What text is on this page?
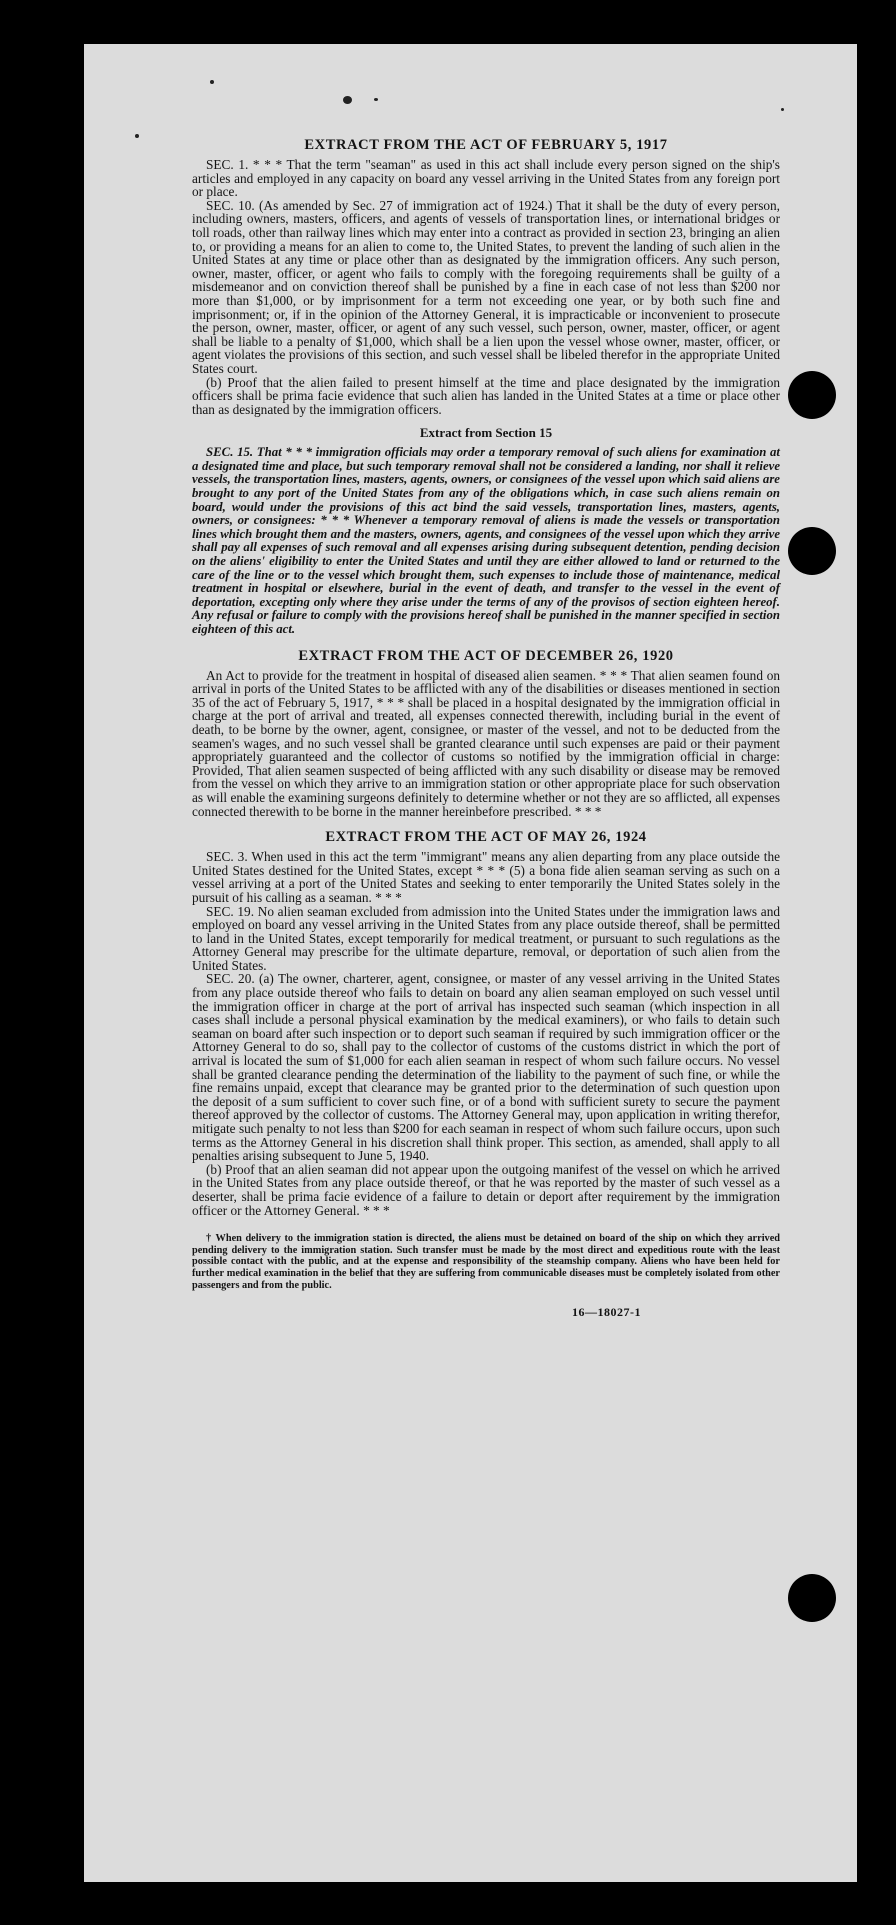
EXTRACT FROM THE ACT OF FEBRUARY 5, 1917

SEC. 1. * * * That the term "seaman" as used in this act shall include every person signed on the ship's articles and employed in any capacity on board any vessel arriving in the United States from any foreign port or place.

SEC. 10. (As amended by Sec. 27 of immigration act of 1924.) That it shall be the duty of every person, including owners, masters, officers, and agents of vessels of transportation lines, or international bridges or toll roads, other than railway lines which may enter into a contract as provided in section 23, bringing an alien to, or providing a means for an alien to come to, the United States, to prevent the landing of such alien in the United States at any time or place other than as designated by the immigration officers. Any such person, owner, master, officer, or agent who fails to comply with the foregoing requirements shall be guilty of a misdemeanor and on conviction thereof shall be punished by a fine in each case of not less than $200 nor more than $1,000, or by imprisonment for a term not exceeding one year, or by both such fine and imprisonment; or, if in the opinion of the Attorney General, it is impracticable or inconvenient to prosecute the person, owner, master, officer, or agent of any such vessel, such person, owner, master, officer, or agent shall be liable to a penalty of $1,000, which shall be a lien upon the vessel whose owner, master, officer, or agent violates the provisions of this section, and such vessel shall be libeled therefor in the appropriate United States court.

(b) Proof that the alien failed to present himself at the time and place designated by the immigration officers shall be prima facie evidence that such alien has landed in the United States at a time or place other than as designated by the immigration officers.

Extract from Section 15

SEC. 15. That * * * immigration officials may order a temporary removal of such aliens for examination at a designated time and place, but such temporary removal shall not be considered a landing, nor shall it relieve vessels, the transportation lines, masters, agents, owners, or consignees of the vessel upon which said aliens are brought to any port of the United States from any of the obligations which, in case such aliens remain on board, would under the provisions of this act bind the said vessels, transportation lines, masters, agents, owners, or consignees: * * * Whenever a temporary removal of aliens is made the vessels or transportation lines which brought them and the masters, owners, agents, and consignees of the vessel upon which they arrive shall pay all expenses of such removal and all expenses arising during subsequent detention, pending decision on the aliens' eligibility to enter the United States and until they are either allowed to land or returned to the care of the line or to the vessel which brought them, such expenses to include those of maintenance, medical treatment in hospital or elsewhere, burial in the event of death, and transfer to the vessel in the event of deportation, excepting only where they arise under the terms of any of the provisos of section eighteen hereof. Any refusal or failure to comply with the provisions hereof shall be punished in the manner specified in section eighteen of this act.

EXTRACT FROM THE ACT OF DECEMBER 26, 1920

An Act to provide for the treatment in hospital of diseased alien seamen. * * * That alien seamen found on arrival in ports of the United States to be afflicted with any of the disabilities or diseases mentioned in section 35 of the act of February 5, 1917, * * * shall be placed in a hospital designated by the immigration official in charge at the port of arrival and treated, all expenses connected therewith, including burial in the event of death, to be borne by the owner, agent, consignee, or master of the vessel, and not to be deducted from the seamen's wages, and no such vessel shall be granted clearance until such expenses are paid or their payment appropriately guaranteed and the collector of customs so notified by the immigration official in charge: Provided, That alien seamen suspected of being afflicted with any such disability or disease may be removed from the vessel on which they arrive to an immigration station or other appropriate place for such observation as will enable the examining surgeons definitely to determine whether or not they are so afflicted, all expenses connected therewith to be borne in the manner hereinbefore prescribed. * * *

EXTRACT FROM THE ACT OF MAY 26, 1924

SEC. 3. When used in this act the term "immigrant" means any alien departing from any place outside the United States destined for the United States, except * * * (5) a bona fide alien seaman serving as such on a vessel arriving at a port of the United States and seeking to enter temporarily the United States solely in the pursuit of his calling as a seaman. * * *

SEC. 19. No alien seaman excluded from admission into the United States under the immigration laws and employed on board any vessel arriving in the United States from any place outside thereof, shall be permitted to land in the United States, except temporarily for medical treatment, or pursuant to such regulations as the Attorney General may prescribe for the ultimate departure, removal, or deportation of such alien from the United States.

SEC. 20. (a) The owner, charterer, agent, consignee, or master of any vessel arriving in the United States from any place outside thereof who fails to detain on board any alien seaman employed on such vessel until the immigration officer in charge at the port of arrival has inspected such seaman (which inspection in all cases shall include a personal physical examination by the medical examiners), or who fails to detain such seaman on board after such inspection or to deport such seaman if required by such immigration officer or the Attorney General to do so, shall pay to the collector of customs of the customs district in which the port of arrival is located the sum of $1,000 for each alien seaman in respect of whom such failure occurs. No vessel shall be granted clearance pending the determination of the liability to the payment of such fine, or while the fine remains unpaid, except that clearance may be granted prior to the determination of such question upon the deposit of a sum sufficient to cover such fine, or of a bond with sufficient surety to secure the payment thereof approved by the collector of customs. The Attorney General may, upon application in writing therefor, mitigate such penalty to not less than $200 for each seaman in respect of whom such failure occurs, upon such terms as the Attorney General in his discretion shall think proper. This section, as amended, shall apply to all penalties arising subsequent to June 5, 1940.

(b) Proof that an alien seaman did not appear upon the outgoing manifest of the vessel on which he arrived in the United States from any place outside thereof, or that he was reported by the master of such vessel as a deserter, shall be prima facie evidence of a failure to detain or deport after requirement by the immigration officer or the Attorney General. * * *

† When delivery to the immigration station is directed, the aliens must be detained on board of the ship on which they arrived pending delivery to the immigration station. Such transfer must be made by the most direct and expeditious route with the least possible contact with the public, and at the expense and responsibility of the steamship company. Aliens who have been held for further medical examination in the belief that they are suffering from communicable diseases must be completely isolated from other passengers and from the public.

16—18027-1
